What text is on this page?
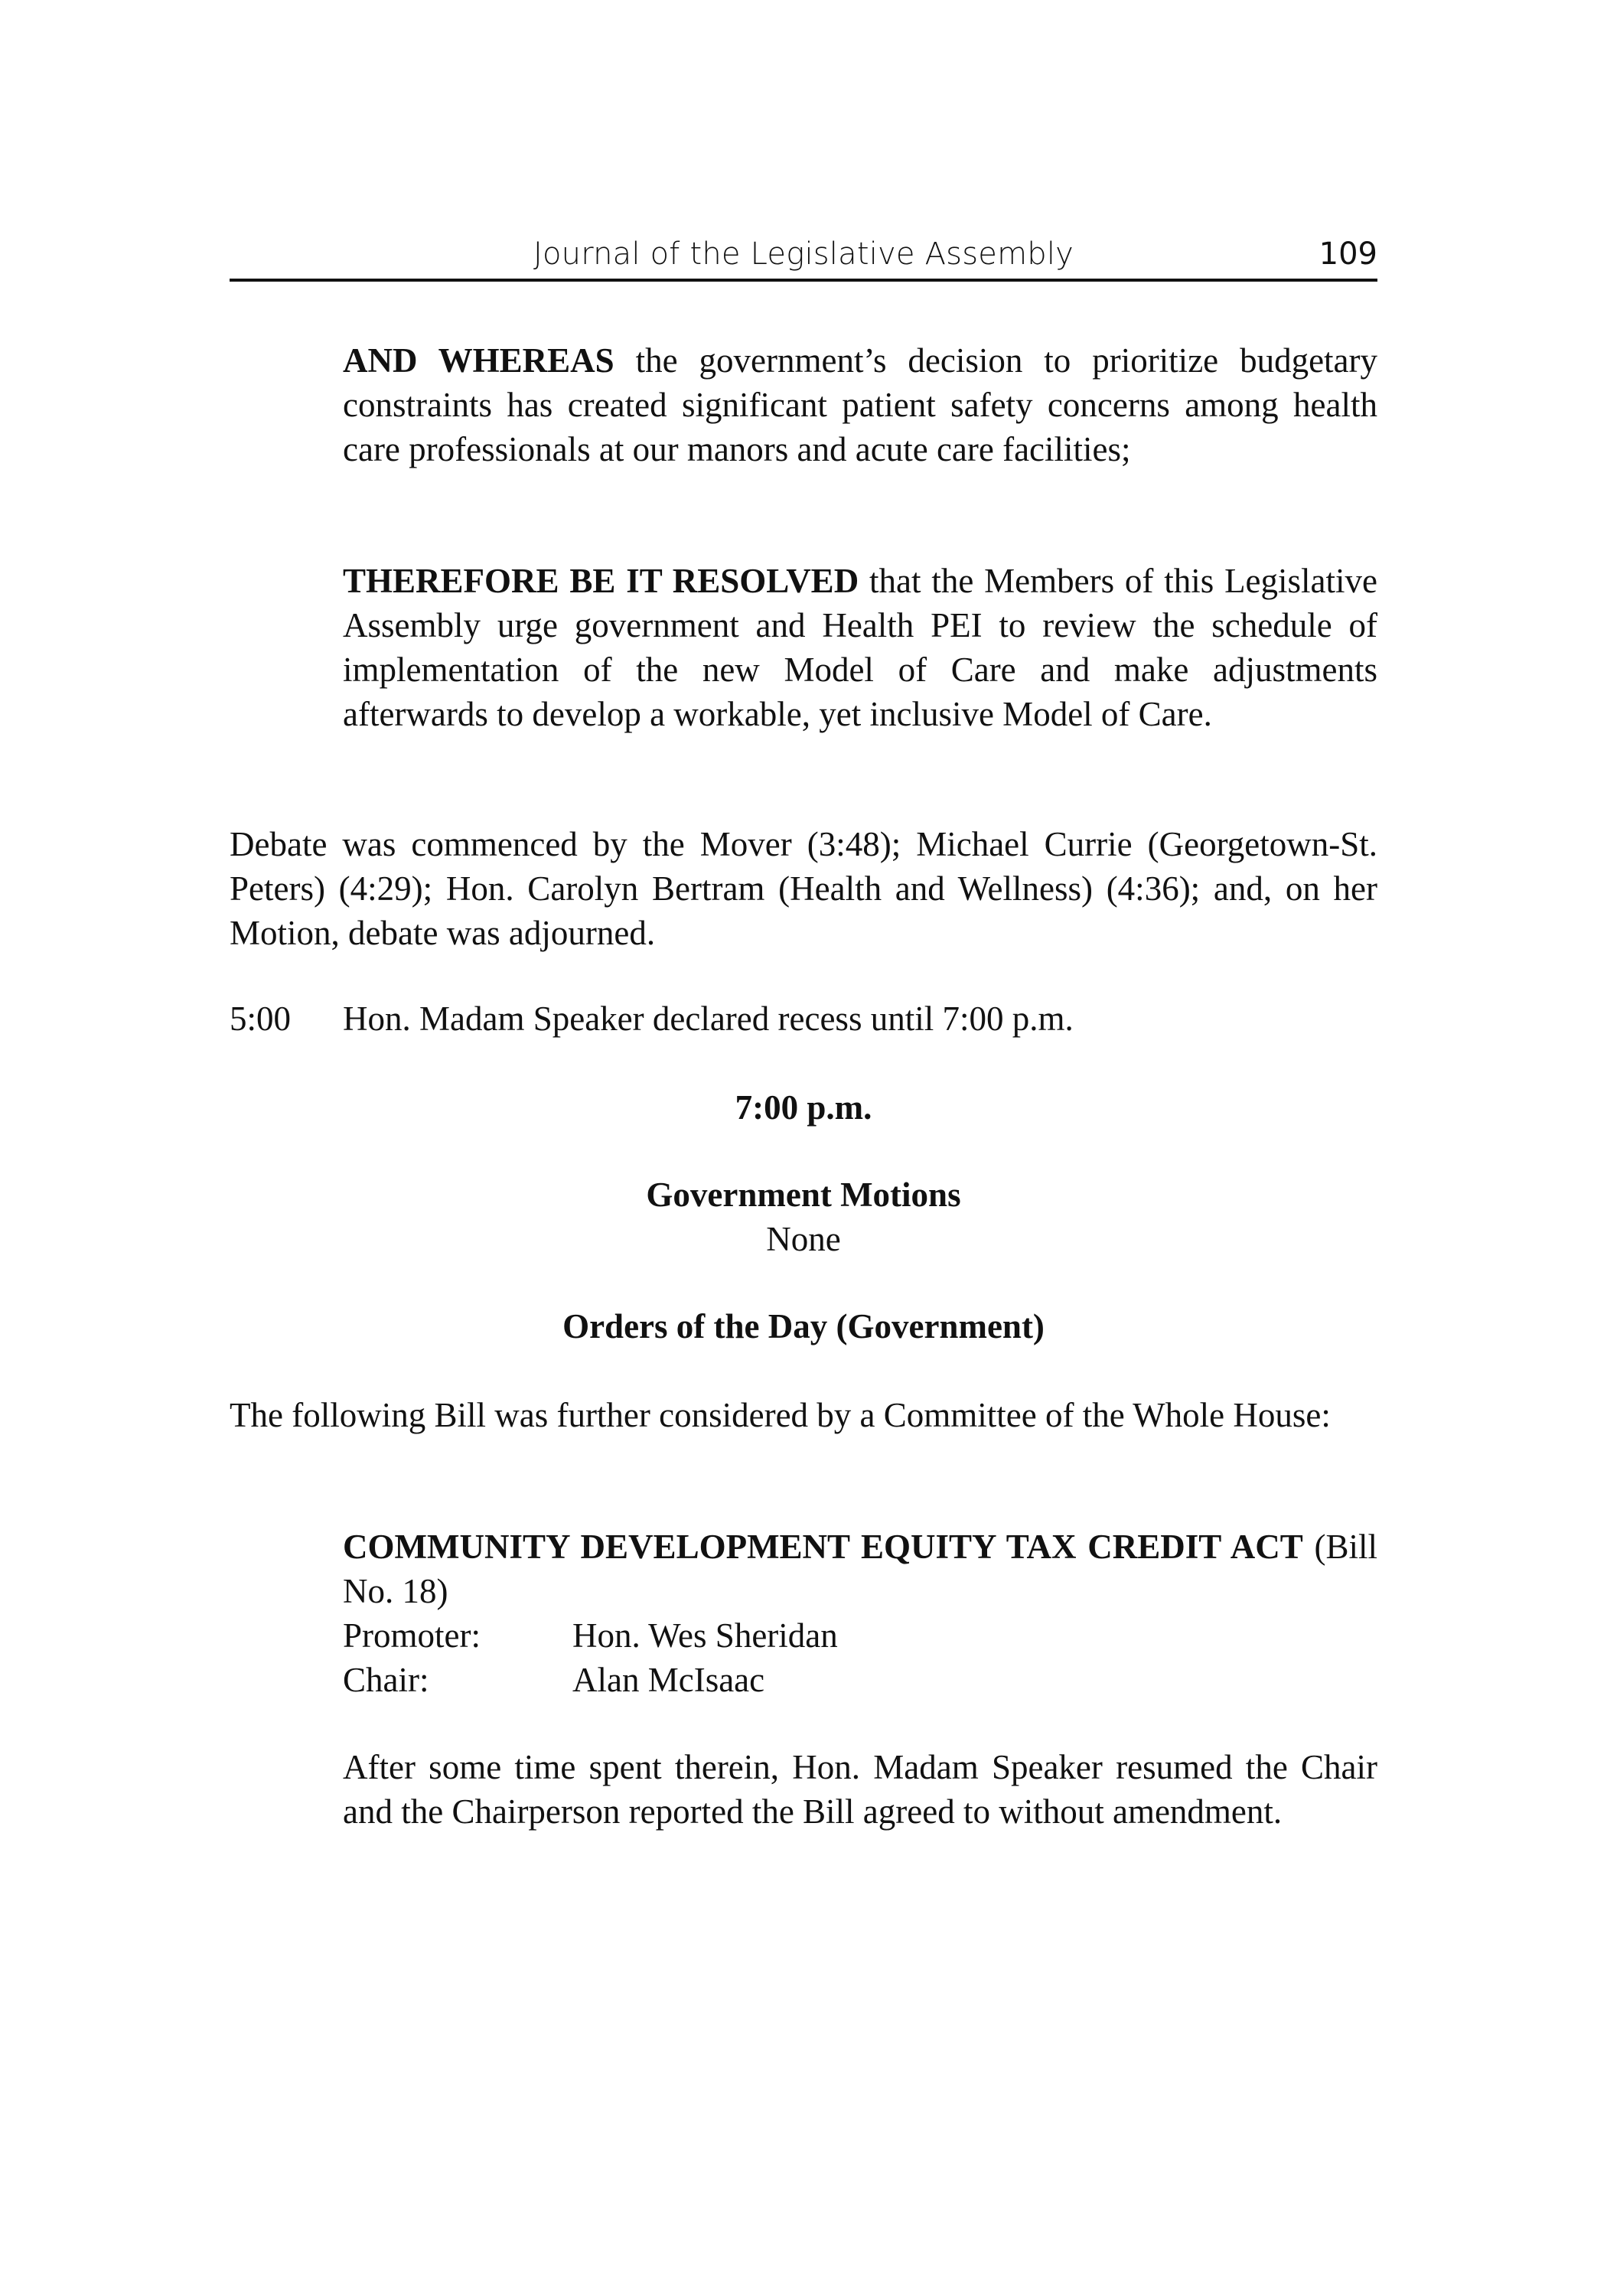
Journal of the Legislative Assembly	109
AND WHEREAS the government’s decision to prioritize budgetary constraints has created significant patient safety concerns among health care professionals at our manors and acute care facilities;
THEREFORE BE IT RESOLVED that the Members of this Legislative Assembly urge government and Health PEI to review the schedule of implementation of the new Model of Care and make adjustments afterwards to develop a workable, yet inclusive Model of Care.
Debate was commenced by the Mover (3:48); Michael Currie (Georgetown-St. Peters) (4:29); Hon. Carolyn Bertram (Health and Wellness) (4:36); and, on her Motion, debate was adjourned.
5:00 Hon. Madam Speaker declared recess until 7:00 p.m.
7:00 p.m.
Government Motions
None
Orders of the Day (Government)
The following Bill was further considered by a Committee of the Whole House:
COMMUNITY DEVELOPMENT EQUITY TAX CREDIT ACT (Bill No. 18)
Promoter:	Hon. Wes Sheridan
Chair:	Alan McIsaac
After some time spent therein, Hon. Madam Speaker resumed the Chair and the Chairperson reported the Bill agreed to without amendment.
